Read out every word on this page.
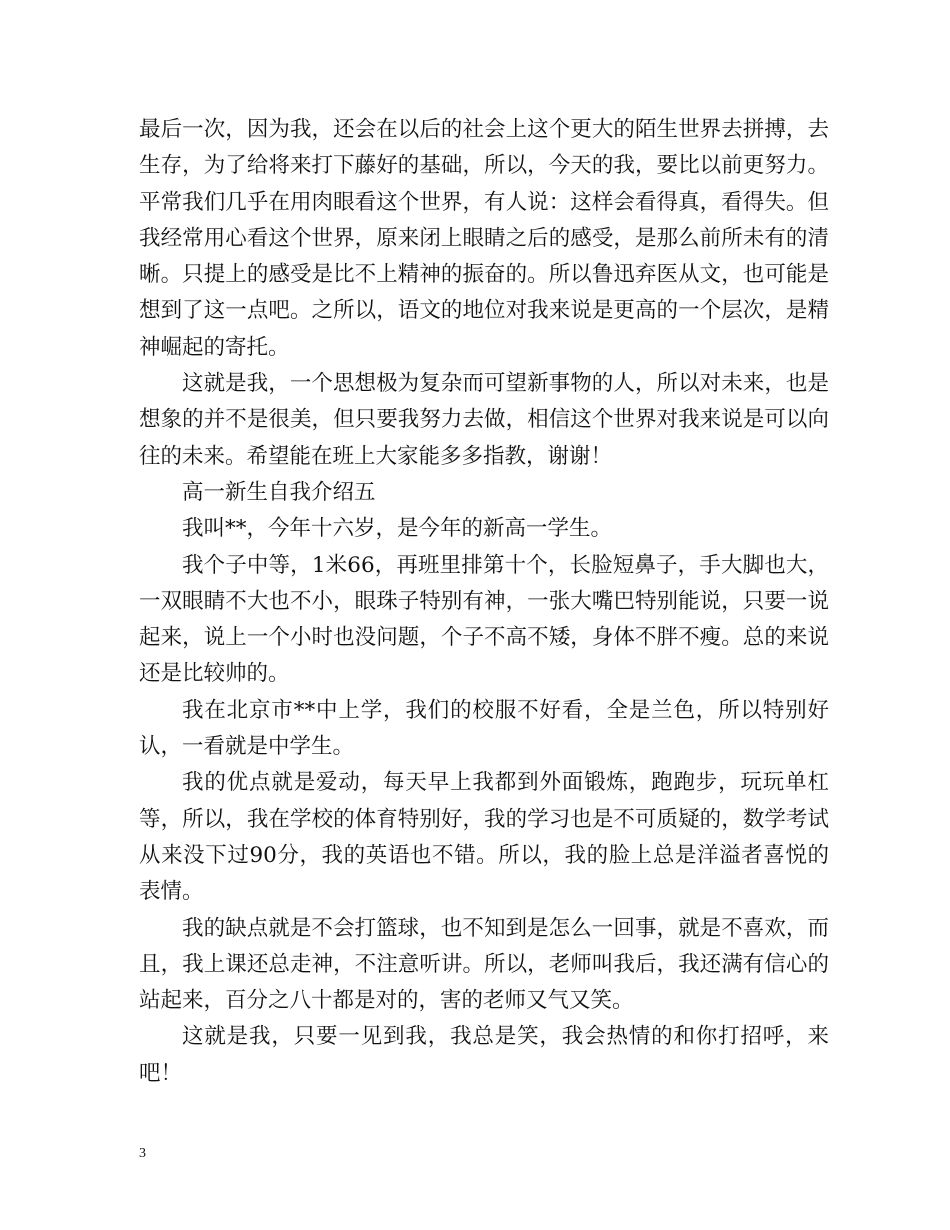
最后一次，因为我，还会在以后的社会上这个更大的陌生世界去拼搏，去生存，为了给将来打下藤好的基础，所以，今天的我，要比以前更努力。平常我们几乎在用肉眼看这个世界，有人说：这样会看得真，看得失。但我经常用心看这个世界，原来闭上眼睛之后的感受，是那么前所未有的清晰。只提上的感受是比不上精神的振奋的。所以鲁迅弃医从文，也可能是想到了这一点吧。之所以，语文的地位对我来说是更高的一个层次，是精神崛起的寄托。

这就是我，一个思想极为复杂而可望新事物的人，所以对未来，也是想象的并不是很美，但只要我努力去做，相信这个世界对我来说是可以向往的未来。希望能在班上大家能多多指教，谢谢！

高一新生自我介绍五

我叫**，今年十六岁，是今年的新高一学生。

我个子中等，1米66，再班里排第十个，长脸短鼻子，手大脚也大，一双眼睛不大也不小，眼珠子特别有神，一张大嘴巴特别能说，只要一说起来，说上一个小时也没问题，个子不高不矮，身体不胖不瘦。总的来说还是比较帅的。

我在北京市**中上学，我们的校服不好看，全是兰色，所以特别好认，一看就是中学生。

我的优点就是爱动，每天早上我都到外面锻炼，跑跑步，玩玩单杠等，所以，我在学校的体育特别好，我的学习也是不可质疑的，数学考试从来没下过90分，我的英语也不错。所以，我的脸上总是洋溢者喜悦的表情。

我的缺点就是不会打篮球，也不知到是怎么一回事，就是不喜欢，而且，我上课还总走神，不注意听讲。所以，老师叫我后，我还满有信心的站起来，百分之八十都是对的，害的老师又气又笑。

这就是我，只要一见到我，我总是笑，我会热情的和你打招呼，来吧！

3
